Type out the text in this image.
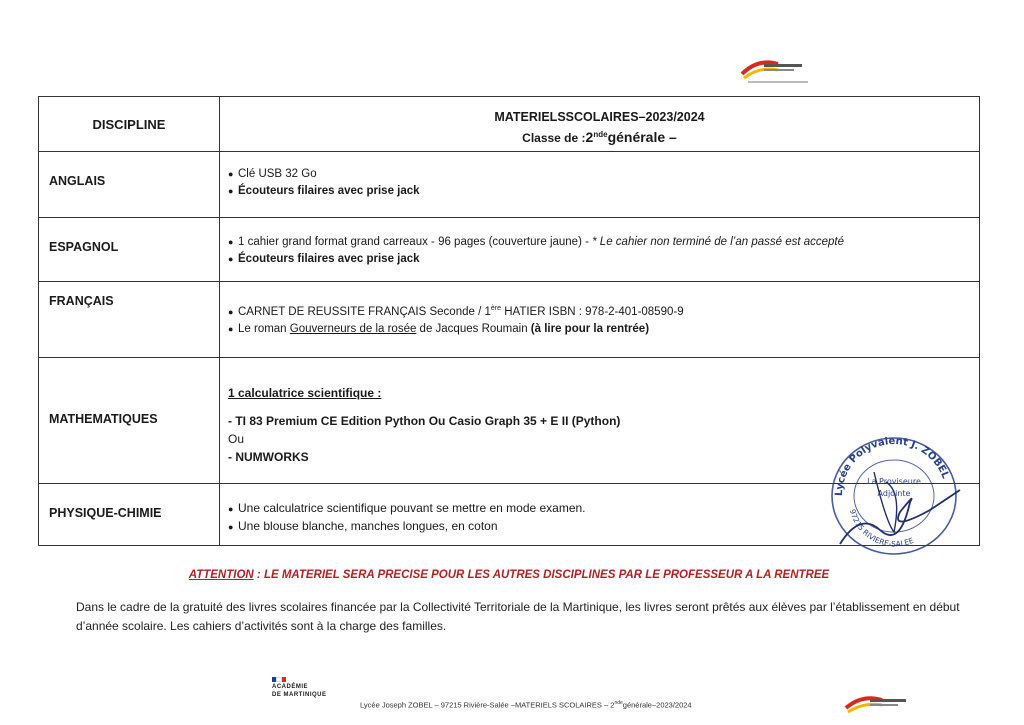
DISCIPLINE	MATERIELSSCOLAIRES–2023/2024
Classe de :2ndegénérale –

ANGLAIS	● Clé USB 32 Go
● Écouteurs filaires avec prise jack

ESPAGNOL	● 1 cahier grand format grand carreaux - 96 pages (couverture jaune) - * Le cahier non terminé de l’an passé est accepté
● Écouteurs filaires avec prise jack

FRANÇAIS	● CARNET DE REUSSITE FRANÇAIS Seconde / 1ère HATIER ISBN : 978-2-401-08590-9
● Le roman Gouverneurs de la rosée de Jacques Roumain (à lire pour la rentrée)

MATHEMATIQUES	1 calculatrice scientifique :
- TI 83 Premium CE Edition Python Ou Casio Graph 35 + E II (Python)
Ou
- NUMWORKS

PHYSIQUE-CHIMIE	● Une calculatrice scientifique pouvant se mettre en mode examen.
● Une blouse blanche, manches longues, en coton
Lycée Polyvalent J. ZOBEL
97215 RIVIERE-SALEE
La Proviseure
Adjointe
ATTENTION : LE MATERIEL SERA PRECISE POUR LES AUTRES DISCIPLINES PAR LE PROFESSEUR A LA RENTREE
Dans le cadre de la gratuité des livres scolaires financée par la Collectivité Territoriale de la Martinique, les livres seront prêtés aux élèves par l’établissement en début d’année scolaire. Les cahiers d’activités sont à la charge des familles.
ACADÉMIE
DE MARTINIQUE
Lycée Joseph ZOBEL – 97215 Rivière-Salée –MATERIELS SCOLAIRES – 2ndegénérale–2023/2024
